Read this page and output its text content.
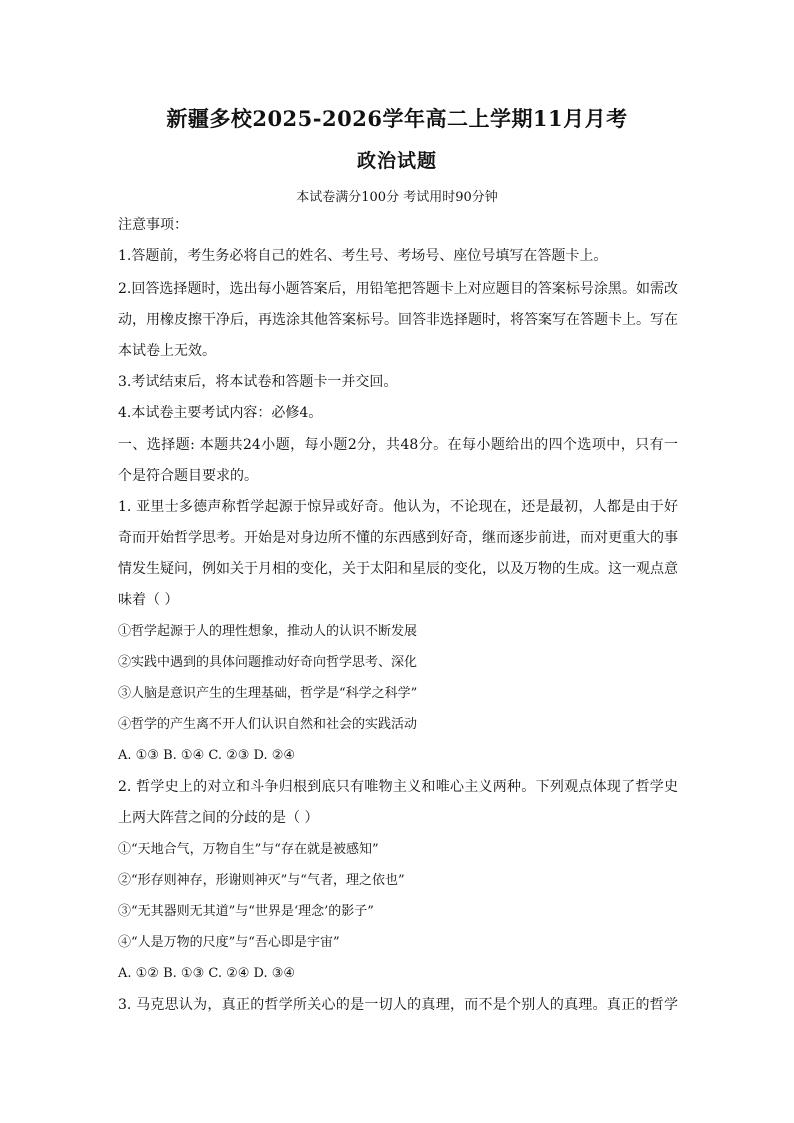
新疆多校2025-2026学年高二上学期11月月考
政治试题
本试卷满分100分 考试用时90分钟
注意事项：
1.答题前，考生务必将自己的姓名、考生号、考场号、座位号填写在答题卡上。
2.回答选择题时，选出每小题答案后，用铅笔把答题卡上对应题目的答案标号涂黑。如需改
动，用橡皮擦干净后，再选涂其他答案标号。回答非选择题时，将答案写在答题卡上。写在
本试卷上无效。
3.考试结束后，将本试卷和答题卡一并交回。
4.本试卷主要考试内容：必修4。
一、选择题: 本题共24小题，每小题2分，共48分。在每小题给出的四个选项中，只有一
个是符合题目要求的。
1. 亚里士多德声称哲学起源于惊异或好奇。他认为，不论现在，还是最初，人都是由于好
奇而开始哲学思考。开始是对身边所不懂的东西感到好奇，继而逐步前进，而对更重大的事
情发生疑问，例如关于月相的变化，关于太阳和星辰的变化，以及万物的生成。这一观点意
味着（ ）
①哲学起源于人的理性想象，推动人的认识不断发展
②实践中遇到的具体问题推动好奇向哲学思考、深化
③人脑是意识产生的生理基础，哲学是“科学之科学”
④哲学的产生离不开人们认识自然和社会的实践活动
A. ①③ B. ①④ C. ②③ D. ②④
2. 哲学史上的对立和斗争归根到底只有唯物主义和唯心主义两种。下列观点体现了哲学史
上两大阵营之间的分歧的是（ ）
①“天地合气，万物自生”与“存在就是被感知”
②“形存则神存，形谢则神灭”与“气者，理之依也”
③“无其器则无其道”与“世界是‘理念’的影子”
④“人是万物的尺度”与“吾心即是宇宙”
A. ①② B. ①③ C. ②④ D. ③④
3. 马克思认为，真正的哲学所关心的是一切人的真理，而不是个别人的真理。真正的哲学
